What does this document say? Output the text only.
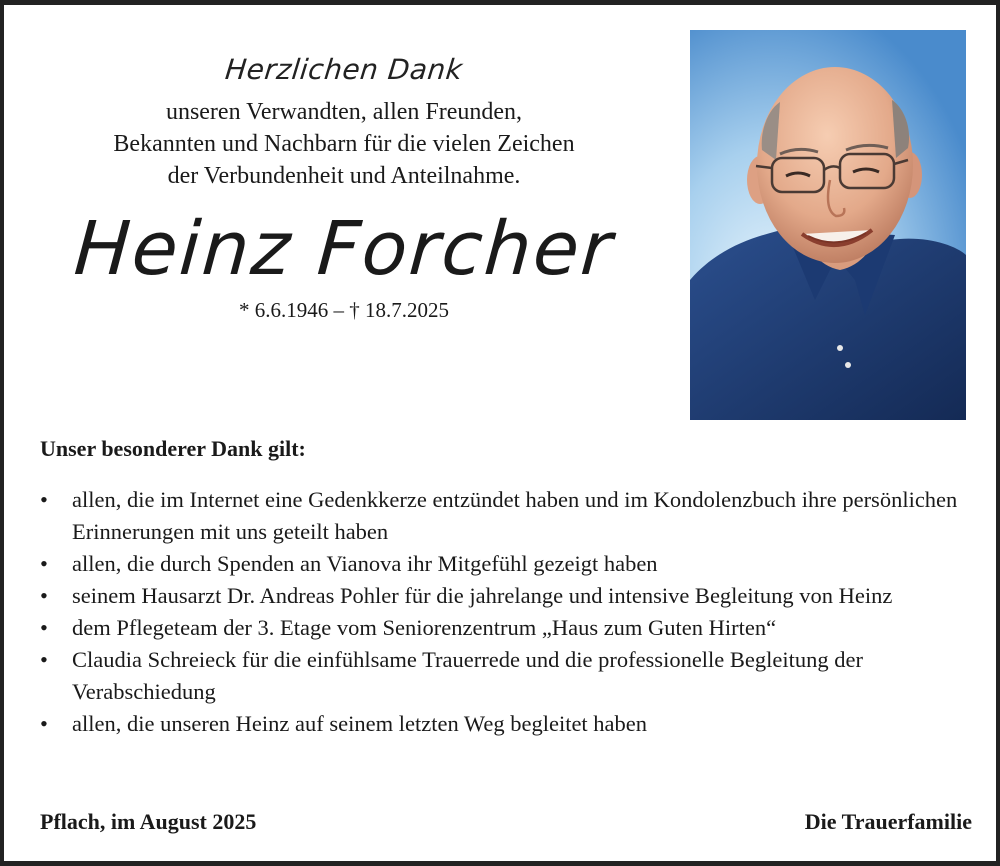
Herzlichen Dank

unseren Verwandten, allen Freunden,

Bekannten und Nachbarn für die vielen Zeichen

der Verbundenheit und Anteilnahme.

Heinz Forcher

* 6.6.1946 – † 18.7.2025

Unser besonderer Dank gilt:

•	allen, die im Internet eine Gedenkkerze entzündet haben und im Kondolenzbuch ihre persönlichen Erinnerungen mit uns geteilt haben
•	allen, die durch Spenden an Vianova ihr Mitgefühl gezeigt haben
•	seinem Hausarzt Dr. Andreas Pohler für die jahrelange und intensive Begleitung von Heinz
•	dem Pflegeteam der 3. Etage vom Seniorenzentrum „Haus zum Guten Hirten“
•	Claudia Schreieck für die einfühlsame Trauerrede und die professionelle Begleitung der Verabschiedung
•	allen, die unseren Heinz auf seinem letzten Weg begleitet haben
Pflach, im August 2025	Die Trauerfamilie
